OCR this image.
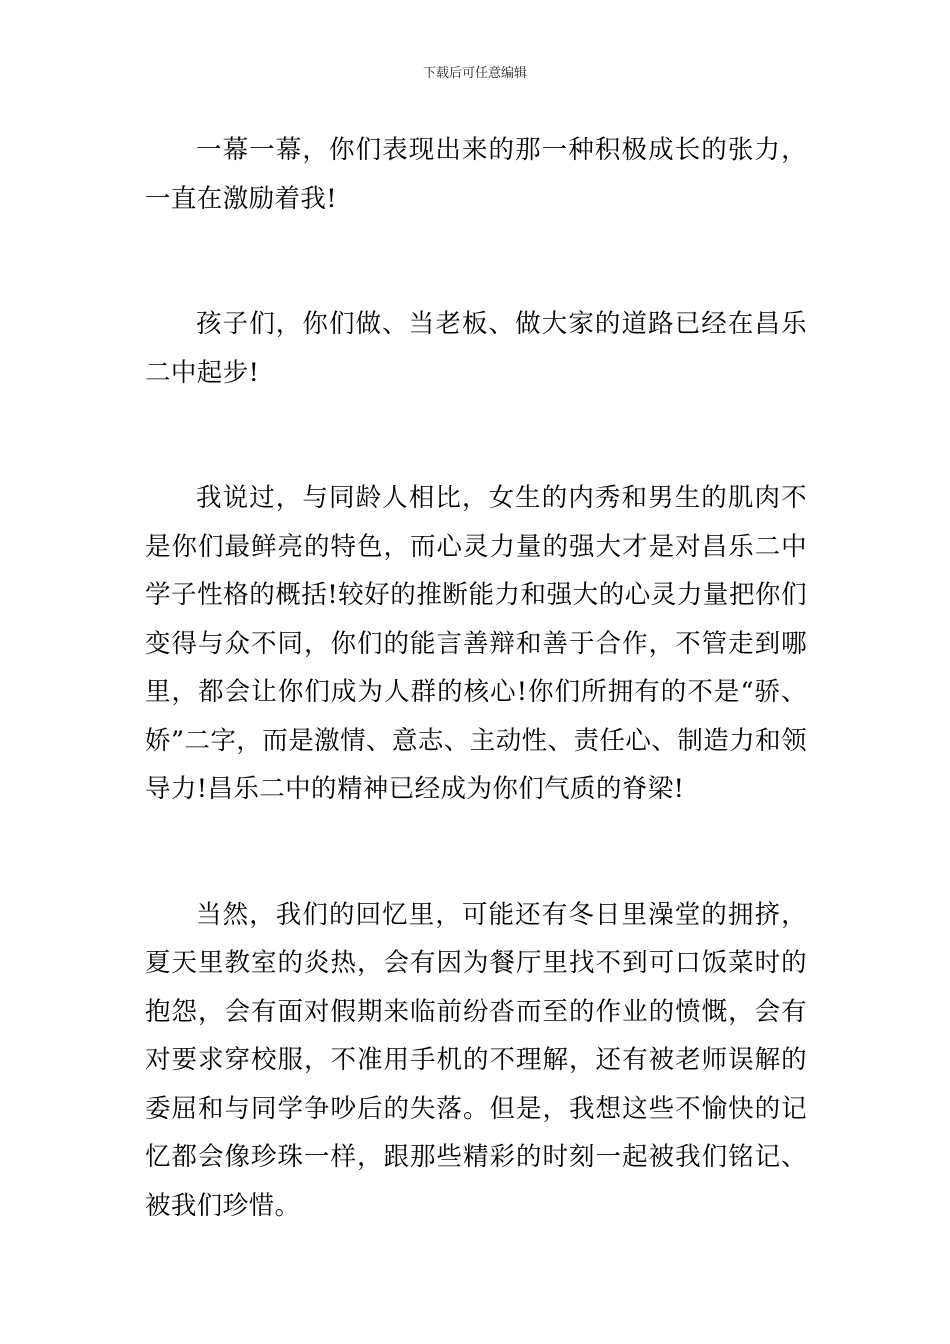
下载后可任意编辑

一幕一幕，你们表现出来的那一种积极成长的张力，一直在激励着我!

孩子们，你们做、当老板、做大家的道路已经在昌乐二中起步!

我说过，与同龄人相比，女生的内秀和男生的肌肉不是你们最鲜亮的特色，而心灵力量的强大才是对昌乐二中学子性格的概括!较好的推断能力和强大的心灵力量把你们变得与众不同，你们的能言善辩和善于合作，不管走到哪里，都会让你们成为人群的核心!你们所拥有的不是“骄、娇”二字，而是激情、意志、主动性、责任心、制造力和领导力!昌乐二中的精神已经成为你们气质的脊梁!

当然，我们的回忆里，可能还有冬日里澡堂的拥挤，夏天里教室的炎热，会有因为餐厅里找不到可口饭菜时的抱怨，会有面对假期来临前纷沓而至的作业的愤慨，会有对要求穿校服，不准用手机的不理解，还有被老师误解的委屈和与同学争吵后的失落。但是，我想这些不愉快的记忆都会像珍珠一样，跟那些精彩的时刻一起被我们铭记、被我们珍惜。
